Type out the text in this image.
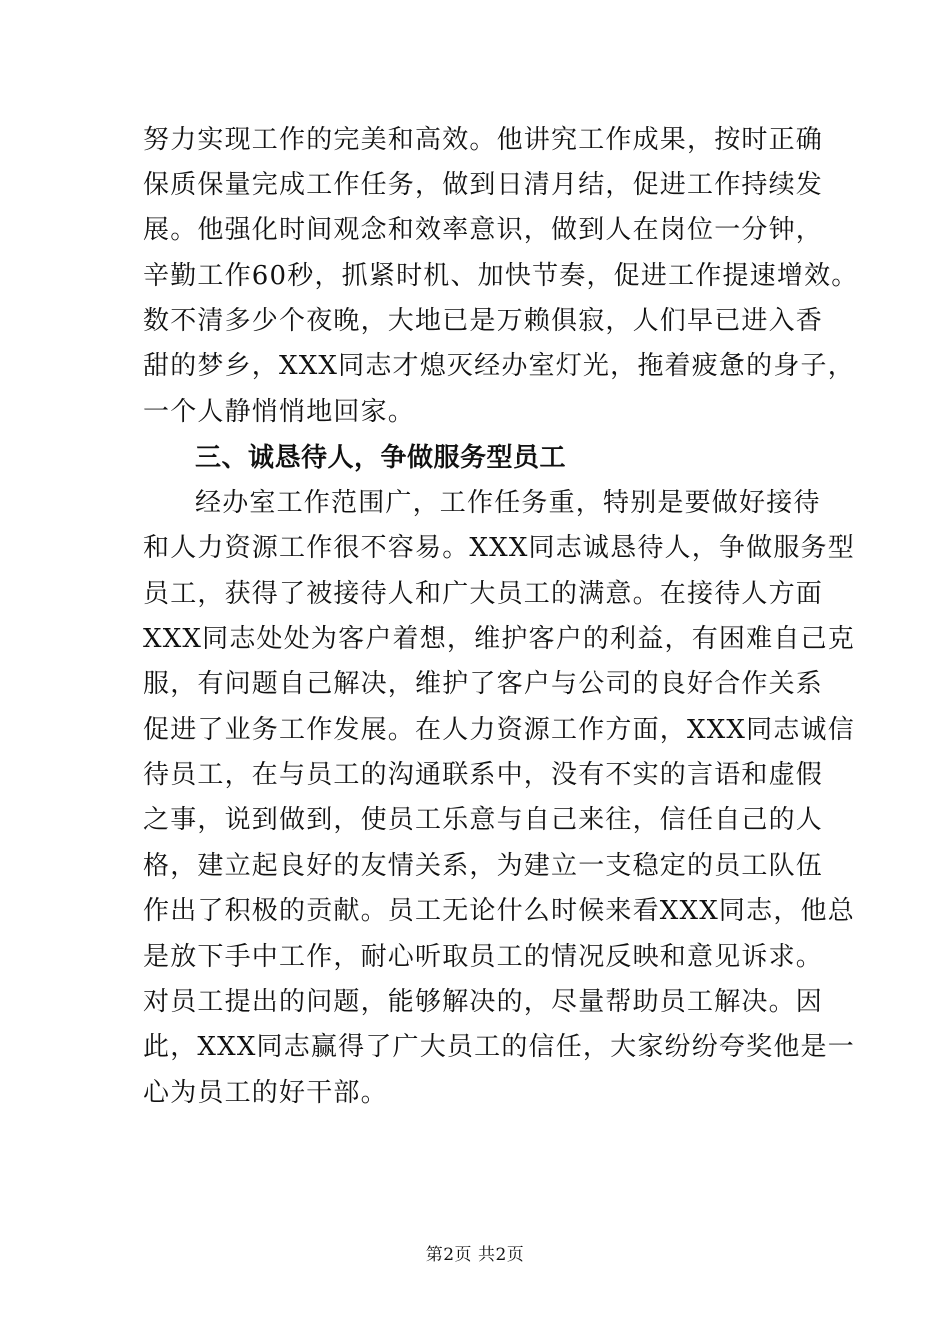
努力实现工作的完美和高效。他讲究工作成果，按时正确
保质保量完成工作任务，做到日清月结，促进工作持续发
展。他强化时间观念和效率意识，做到人在岗位一分钟，
辛勤工作60秒，抓紧时机、加快节奏，促进工作提速增效。
数不清多少个夜晚，大地已是万赖俱寂，人们早已进入香
甜的梦乡，XXX同志才熄灭经办室灯光，拖着疲惫的身子，
一个人静悄悄地回家。
三、诚恳待人，争做服务型员工
经办室工作范围广，工作任务重，特别是要做好接待
和人力资源工作很不容易。XXX同志诚恳待人，争做服务型
员工，获得了被接待人和广大员工的满意。在接待人方面
XXX同志处处为客户着想，维护客户的利益，有困难自己克
服，有问题自己解决，维护了客户与公司的良好合作关系
促进了业务工作发展。在人力资源工作方面，XXX同志诚信
待员工，在与员工的沟通联系中，没有不实的言语和虚假
之事，说到做到，使员工乐意与自己来往，信任自己的人
格，建立起良好的友情关系，为建立一支稳定的员工队伍
作出了积极的贡献。员工无论什么时候来看XXX同志，他总
是放下手中工作，耐心听取员工的情况反映和意见诉求。
对员工提出的问题，能够解决的，尽量帮助员工解决。因
此，XXX同志赢得了广大员工的信任，大家纷纷夸奖他是一
心为员工的好干部。
第2页 共2页
